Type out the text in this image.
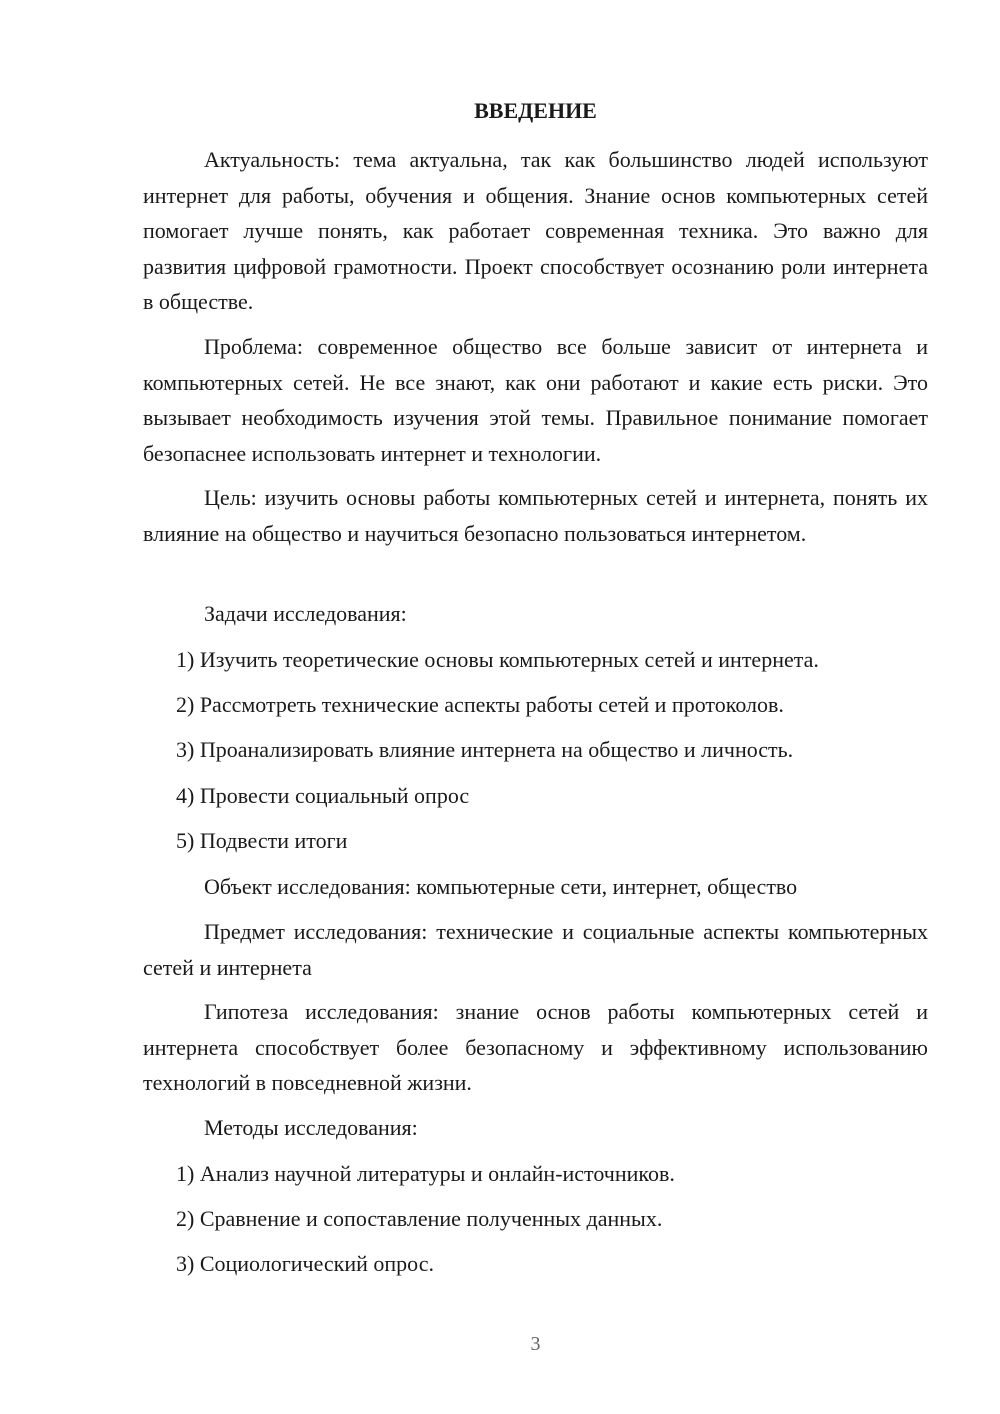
ВВЕДЕНИЕ

Актуальность: тема актуальна, так как большинство людей используют интернет для работы, обучения и общения. Знание основ компьютерных сетей помогает лучше понять, как работает современная техника. Это важно для развития цифровой грамотности. Проект способствует осознанию роли интернета в обществе.

Проблема: современное общество все больше зависит от интернета и компьютерных сетей. Не все знают, как они работают и какие есть риски. Это вызывает необходимость изучения этой темы. Правильное понимание помогает безопаснее использовать интернет и технологии.

Цель: изучить основы работы компьютерных сетей и интернета, понять их влияние на общество и научиться безопасно пользоваться интернетом.

Задачи исследования:

1) Изучить теоретические основы компьютерных сетей и интернета.

2) Рассмотреть технические аспекты работы сетей и протоколов.

3) Проанализировать влияние интернета на общество и личность.

4) Провести социальный опрос

5) Подвести итоги

Объект исследования: компьютерные сети, интернет, общество

Предмет исследования: технические и социальные аспекты компьютерных сетей и интернета

Гипотеза исследования: знание основ работы компьютерных сетей и интернета способствует более безопасному и эффективному использованию технологий в повседневной жизни.

Методы исследования:

1) Анализ научной литературы и онлайн-источников.

2) Сравнение и сопоставление полученных данных.

3) Социологический опрос.

3
